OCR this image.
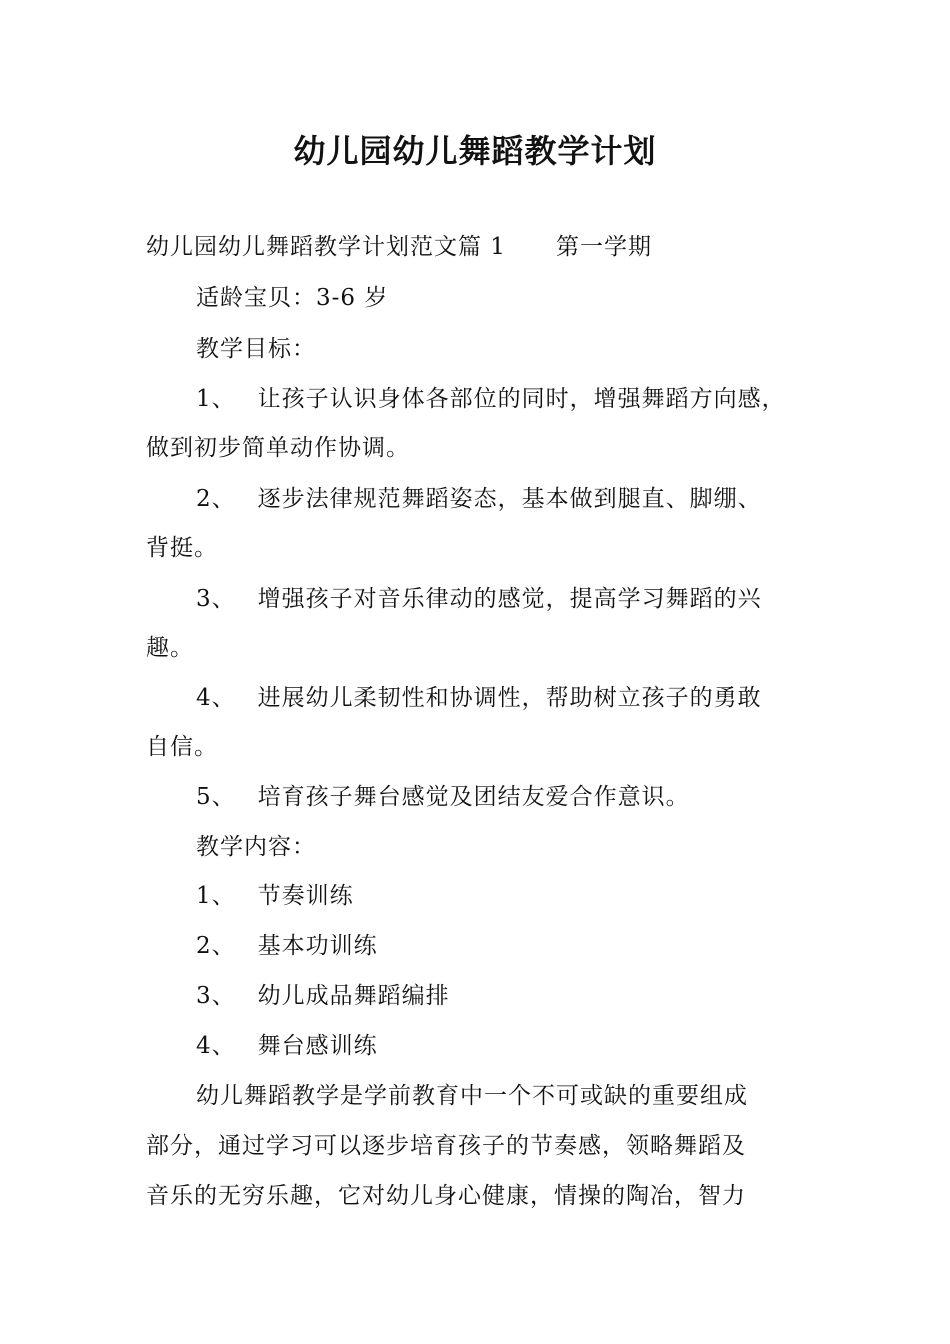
幼儿园幼儿舞蹈教学计划
幼儿园幼儿舞蹈教学计划范文篇 1 第一学期
适龄宝贝：3-6 岁
教学目标：
1、 让孩子认识身体各部位的同时，增强舞蹈方向感，
做到初步简单动作协调。
2、 逐步法律规范舞蹈姿态，基本做到腿直、脚绷、
背挺。
3、 增强孩子对音乐律动的感觉，提高学习舞蹈的兴
趣。
4、 进展幼儿柔韧性和协调性，帮助树立孩子的勇敢
自信。
5、 培育孩子舞台感觉及团结友爱合作意识。
教学内容：
1、 节奏训练
2、 基本功训练
3、 幼儿成品舞蹈编排
4、 舞台感训练
幼儿舞蹈教学是学前教育中一个不可或缺的重要组成
部分，通过学习可以逐步培育孩子的节奏感，领略舞蹈及
音乐的无穷乐趣，它对幼儿身心健康，情操的陶冶，智力
